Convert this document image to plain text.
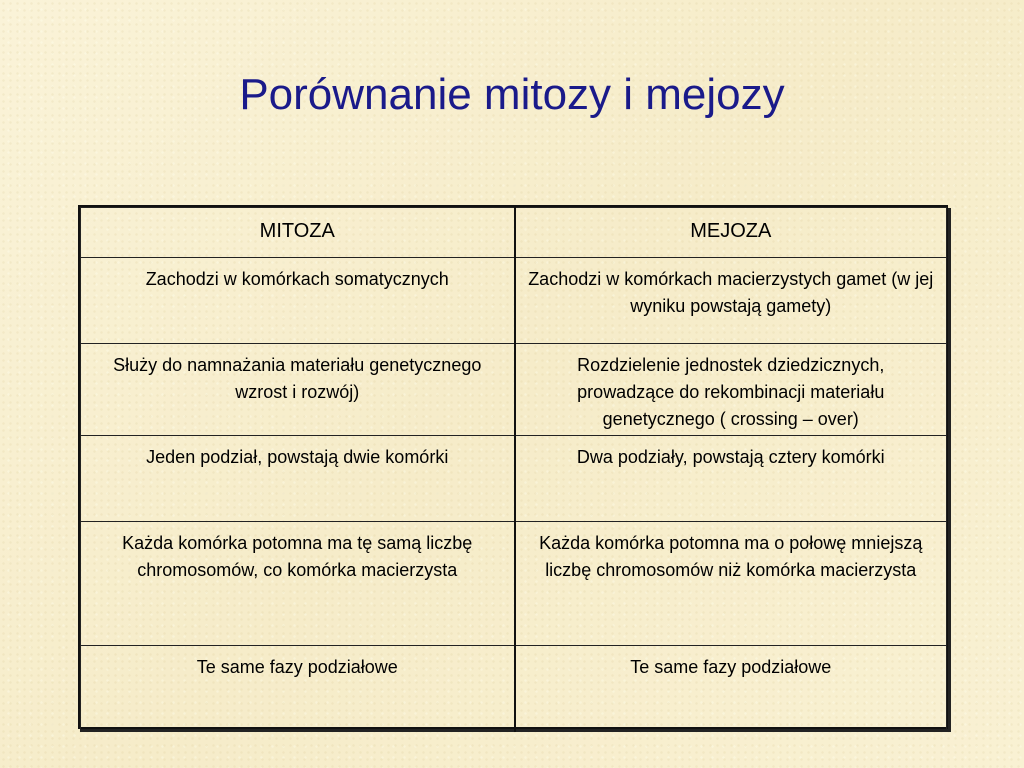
Porównanie mitozy i mejozy
MITOZA	MEJOZA
Zachodzi w komórkach somatycznych	Zachodzi w komórkach macierzystych gamet (w jej wyniku powstają gamety)
Służy do namnażania materiału genetycznego wzrost i rozwój)	Rozdzielenie jednostek dziedzicznych, prowadzące do rekombinacji materiału genetycznego ( crossing – over)
Jeden podział, powstają dwie komórki	Dwa podziały, powstają cztery komórki
Każda komórka potomna ma tę samą liczbę chromosomów, co komórka macierzysta	Każda komórka potomna ma o połowę mniejszą liczbę chromosomów niż komórka macierzysta
Te same fazy podziałowe	Te same fazy podziałowe
